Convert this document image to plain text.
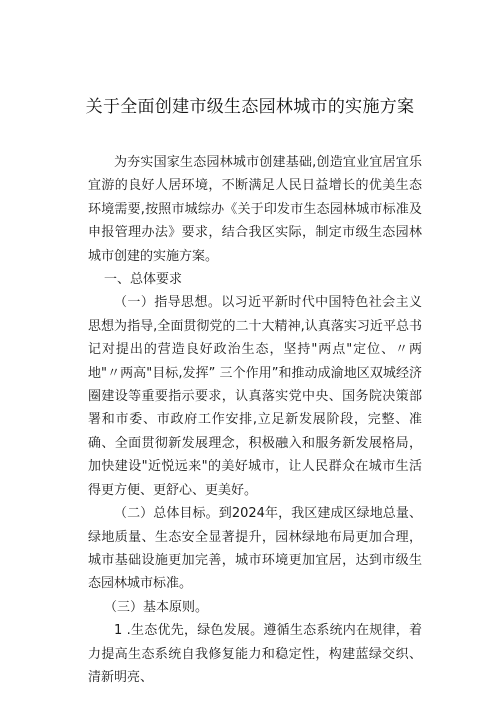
关于全面创建市级生态园林城市的实施方案

为夯实国家生态园林城市创建基础,创造宜业宜居宜乐宜游的良好人居环境，不断满足人民日益增长的优美生态环境需要,按照市城综办《关于印发市生态园林城市标准及申报管理办法》要求，结合我区实际，制定市级生态园林城市创建的实施方案。

一、总体要求

（一）指导思想。以习近平新时代中国特色社会主义思想为指导,全面贯彻党的二十大精神,认真落实习近平总书记对提出的营造良好政治生态，坚持"两点"定位、〃两地"〃两高"目标,发挥” 三个作用”和推动成渝地区双城经济圈建设等重要指示要求，认真落实党中央、国务院决策部署和市委、市政府工作安排,立足新发展阶段，完整、准确、全面贯彻新发展理念，积极融入和服务新发展格局，加快建设"近悦远来"的美好城市，让人民群众在城市生活得更方便、更舒心、更美好。

（二）总体目标。到2024年，我区建成区绿地总量、绿地质量、生态安全显著提升，园林绿地布局更加合理，城市基础设施更加完善，城市环境更加宜居，达到市级生态园林城市标准。

（三）基本原则。

1 .生态优先，绿色发展。遵循生态系统内在规律，着力提高生态系统自我修复能力和稳定性，构建蓝绿交织、清新明亮、
